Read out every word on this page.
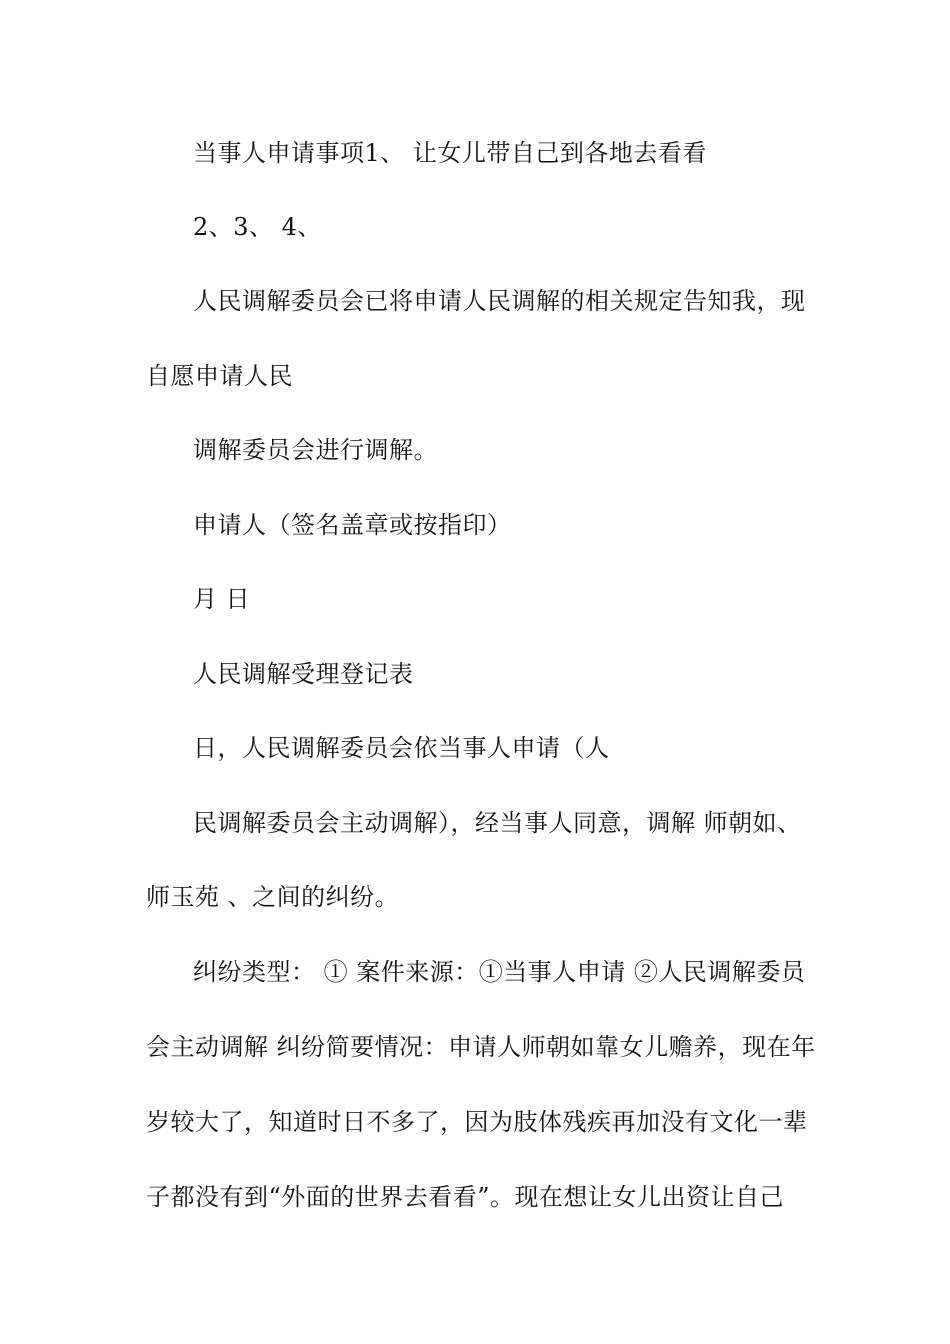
当事人申请事项1、 让女儿带自己到各地去看看
2、3、 4、
人民调解委员会已将申请人民调解的相关规定告知我，现
自愿申请人民
调解委员会进行调解。
申请人（签名盖章或按指印）
月 日
人民调解受理登记表
日，人民调解委员会依当事人申请（人
民调解委员会主动调解），经当事人同意，调解 师朝如、
师玉苑 、之间的纠纷。
纠纷类型： ① 案件来源：①当事人申请 ②人民调解委员
会主动调解 纠纷简要情况：申请人师朝如靠女儿赡养，现在年
岁较大了，知道时日不多了，因为肢体残疾再加没有文化一辈
子都没有到“外面的世界去看看”。现在想让女儿出资让自己
